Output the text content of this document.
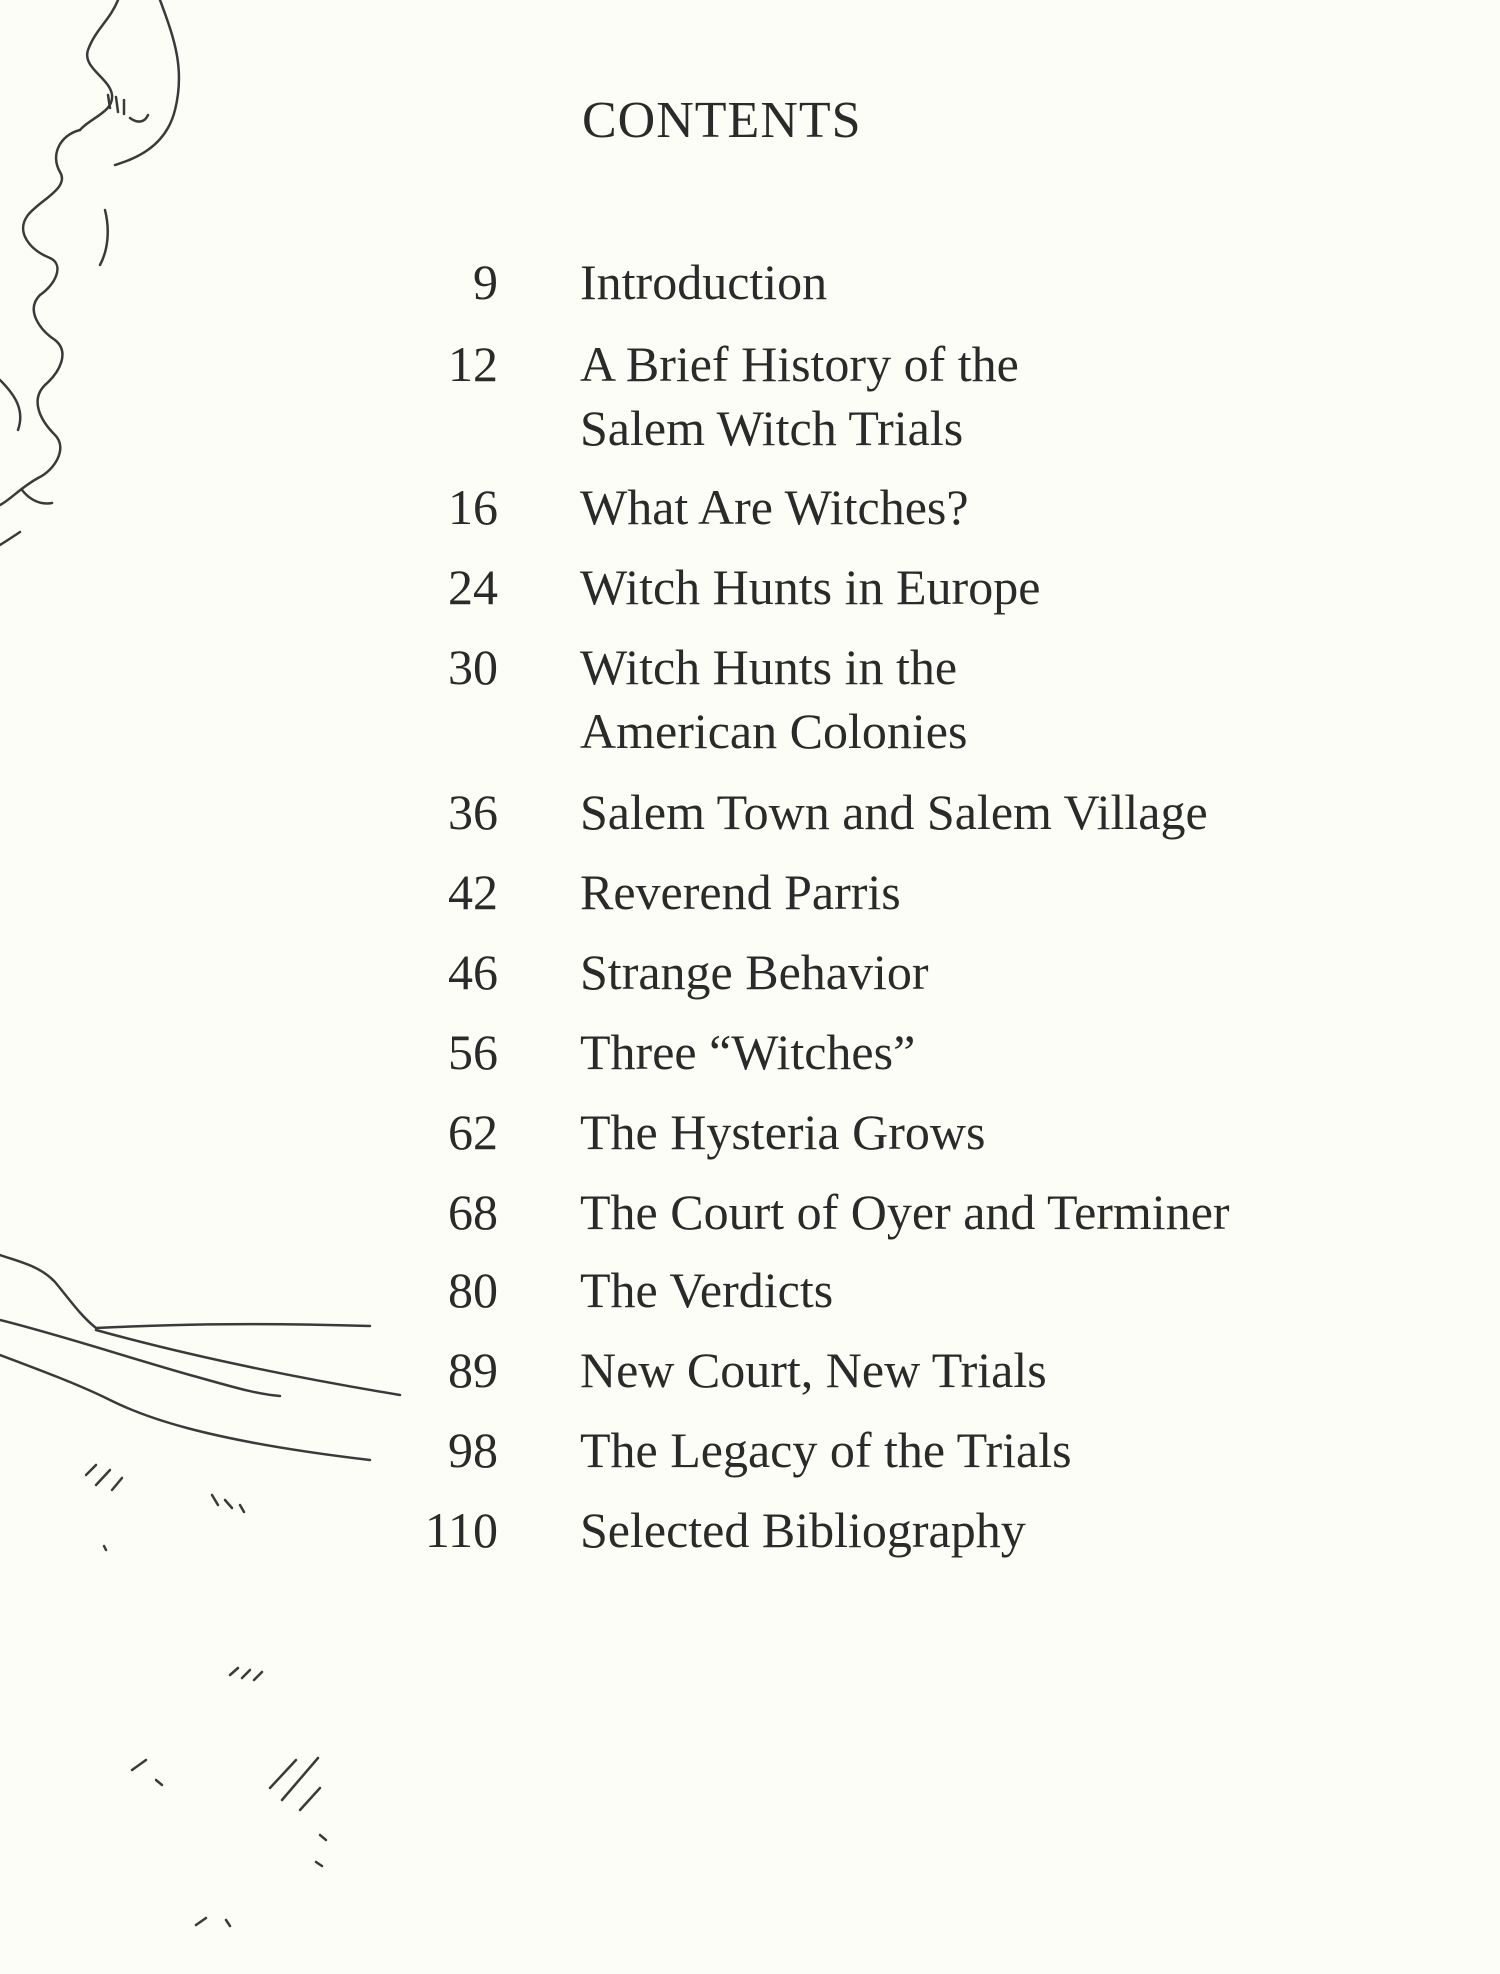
CONTENTS
9 Introduction
12 A Brief History of the
Salem Witch Trials
16 What Are Witches?
24 Witch Hunts in Europe
30 Witch Hunts in the
American Colonies
36 Salem Town and Salem Village
42 Reverend Parris
46 Strange Behavior
56 Three “Witches”
62 The Hysteria Grows
68 The Court of Oyer and Terminer
80 The Verdicts
89 New Court, New Trials
98 The Legacy of the Trials
110 Selected Bibliography
